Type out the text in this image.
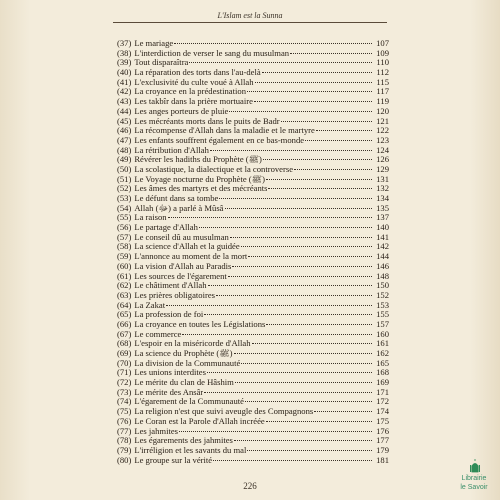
L'Islam est la Sunna
(37) Le mariage	107
(38) L'interdiction de verser le sang du musulman	109
(39) Tout disparaîtra	110
(40) La réparation des torts dans l'au-delà	112
(41) L'exclusivité du culte voué à Allah	115
(42) La croyance en la prédestination	117
(43) Les takbîr dans la prière mortuaire	119
(44) Les anges porteurs de pluie	120
(45) Les mécréants morts dans le puits de Badr	121
(46) La récompense d'Allah dans la maladie et le martyre	122
(47) Les enfants souffrent également en ce bas-monde	123
(48) La rétribution d'Allah	124
(49) Révérer les hadiths du Prophète (ﷺ)	126
(50) La scolastique, la dialectique et la controverse	129
(51) Le Voyage nocturne du Prophète (ﷺ)	131
(52) Les âmes des martyrs et des mécréants	132
(53) Le défunt dans sa tombe	134
(54) Allah (ﷻ) a parlé à Mûsâ	135
(55) La raison	137
(56) Le partage d'Allah	140
(57) Le conseil dû au musulman	141
(58) La science d'Allah et la guidée	142
(59) L'annonce au moment de la mort	144
(60) La vision d'Allah au Paradis	146
(61) Les sources de l'égarement	148
(62) Le châtiment d'Allah	150
(63) Les prières obligatoires	152
(64) La Zakat	153
(65) La profession de foi	155
(66) La croyance en toutes les Législations	157
(67) Le commerce	160
(68) L'espoir en la miséricorde d'Allah	161
(69) La science du Prophète (ﷺ)	162
(70) La division de la Communauté	165
(71) Les unions interdites	168
(72) Le mérite du clan de Hâshim	169
(73) Le mérite des Ansâr	171
(74) L'égarement de la Communauté	172
(75) La religion n'est que suivi aveugle des Compagnons	174
(76) Le Coran est la Parole d'Allah incréée	175
(77) Les jahmites	176
(78) Les égarements des jahmites	177
(79) L'irréligion et les savants du mal	179
(80) Le groupe sur la vérité	181
226
Librairie
le Savoir
